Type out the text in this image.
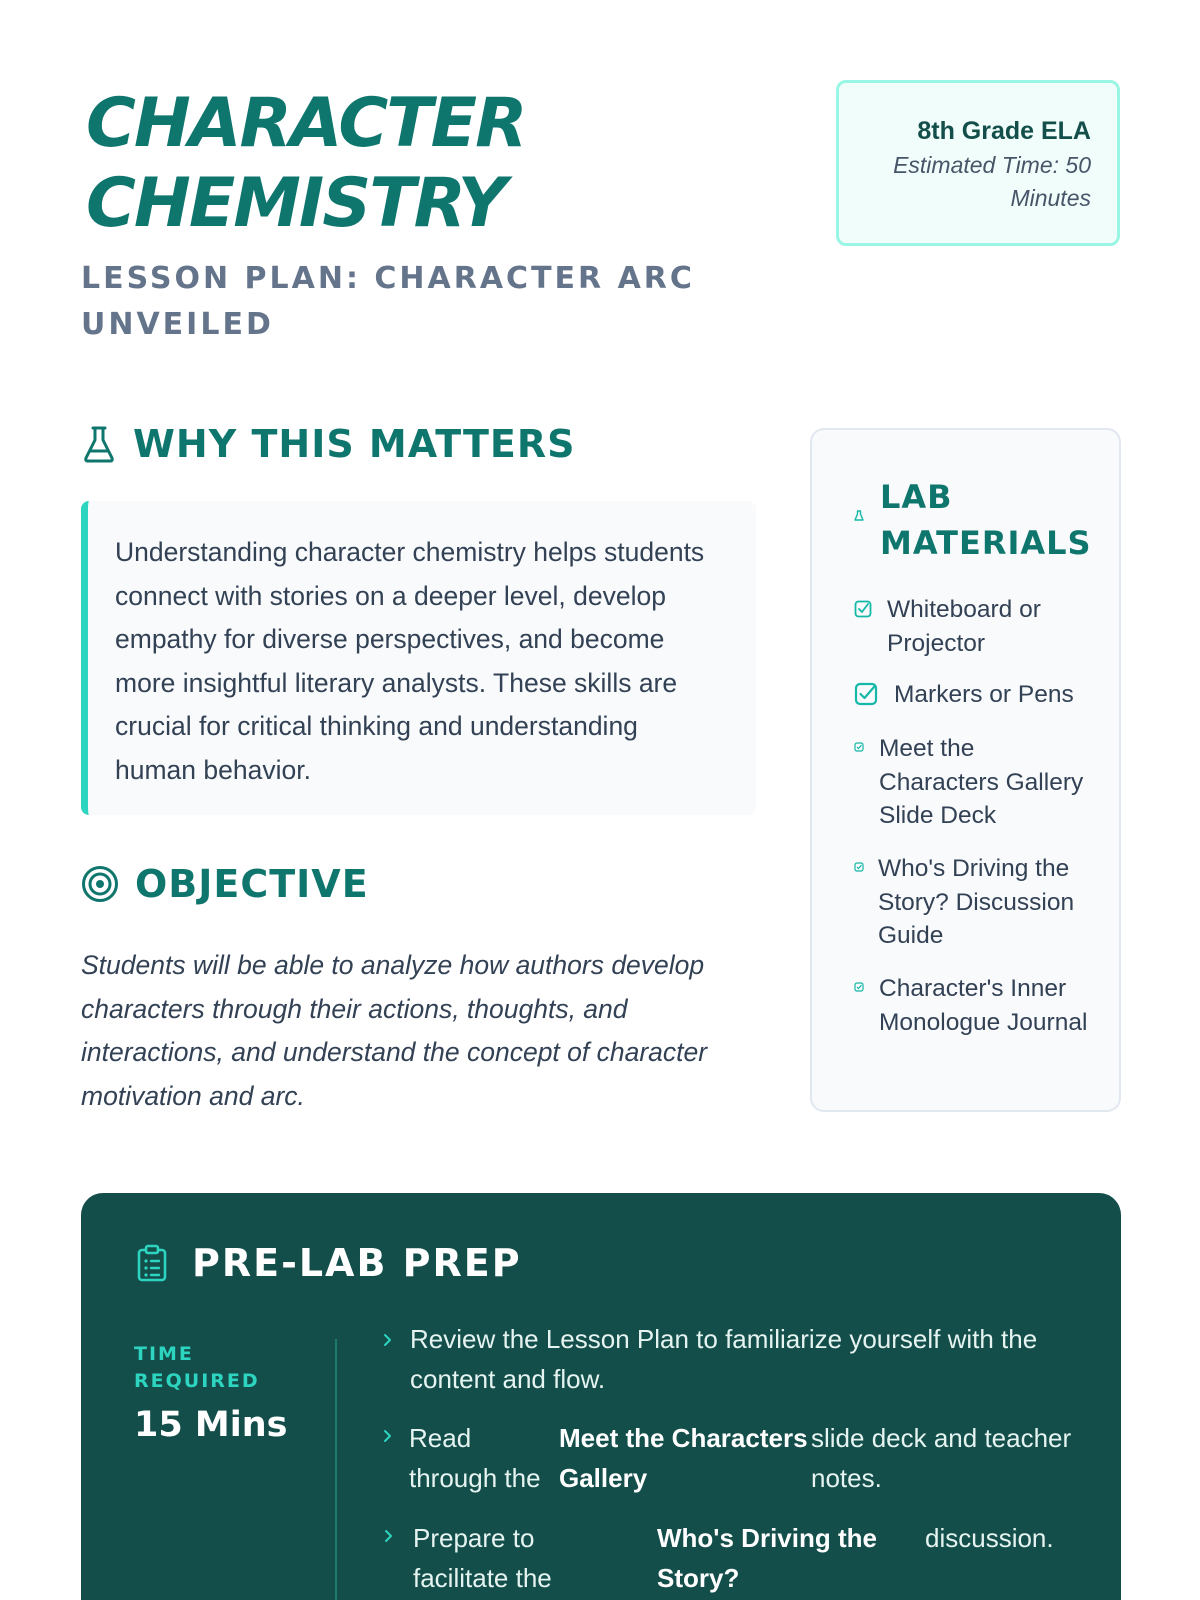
CHARACTER
CHEMISTRY
LESSON PLAN: CHARACTER ARC UNVEILED
8th Grade ELA
Estimated Time: 50 Minutes
WHY THIS MATTERS
Understanding character chemistry helps students connect with stories on a deeper level, develop empathy for diverse perspectives, and become more insightful literary analysts. These skills are crucial for critical thinking and understanding human behavior.
OBJECTIVE
Students will be able to analyze how authors develop characters through their actions, thoughts, and interactions, and understand the concept of character motivation and arc.
LAB
MATERIALS
Whiteboard or Projector
Markers or Pens
Meet the Characters Gallery Slide Deck
Who's Driving the Story? Discussion Guide
Character's Inner Monologue Journal
PRE-LAB PREP
TIME REQUIRED
15 Mins
Review the Lesson Plan to familiarize yourself with the content and flow.
Read through the
Meet the Characters Gallery
slide deck and teacher notes.
Prepare to facilitate the
Who's Driving the Story?
discussion.
